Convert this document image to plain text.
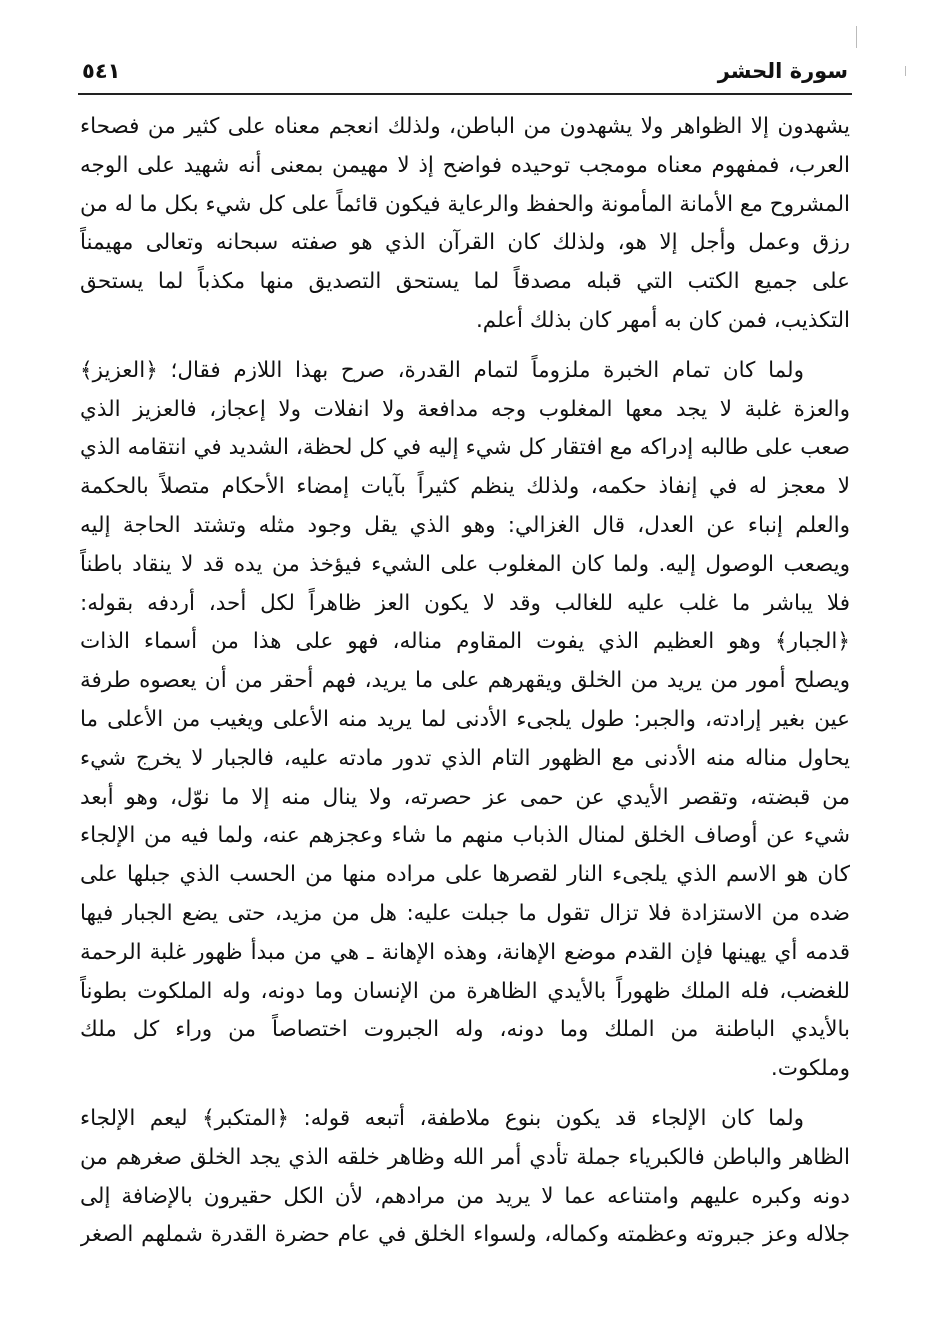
سورة الحشر
٥٤١

يشهدون إلا الظواهر ولا يشهدون من الباطن، ولذلك انعجم معناه على كثير من فصحاء
العرب، فمفهوم معناه مومجب توحيده فواضح إذ لا مهيمن بمعنى أنه شهيد على الوجه
المشروح مع الأمانة المأمونة والحفظ والرعاية فيكون قائماً على كل شيء بكل ما له من
رزق وعمل وأجل إلا هو، ولذلك كان القرآن الذي هو صفته سبحانه وتعالى مهيمناً
على جميع الكتب التي قبله مصدقاً لما يستحق التصديق منها مكذباً لما يستحق
التكذيب، فمن كان به أمهر كان بذلك أعلم.

ولما كان تمام الخبرة ملزوماً لتمام القدرة، صرح بهذا اللازم فقال؛ ﴿العزيز﴾
والعزة غلبة لا يجد معها المغلوب وجه مدافعة ولا انفلات ولا إعجاز، فالعزيز الذي
صعب على طالبه إدراكه مع افتقار كل شيء إليه في كل لحظة، الشديد في انتقامه الذي
لا معجز له في إنفاذ حكمه، ولذلك ينظم كثيراً بآيات إمضاء الأحكام متصلاً بالحكمة
والعلم إنباء عن العدل، قال الغزالي: وهو الذي يقل وجود مثله وتشتد الحاجة إليه
ويصعب الوصول إليه. ولما كان المغلوب على الشيء فيؤخذ من يده قد لا ينقاد باطناً
فلا يباشر ما غلب عليه للغالب وقد لا يكون العز ظاهراً لكل أحد، أردفه بقوله:
﴿الجبار﴾ وهو العظيم الذي يفوت المقاوم مناله، فهو على هذا من أسماء الذات
ويصلح أمور من يريد من الخلق ويقهرهم على ما يريد، فهم أحقر من أن يعصوه طرفة
عين بغير إرادته، والجبر: طول يلجىء الأدنى لما يريد منه الأعلى ويغيب من الأعلى ما
يحاول مناله منه الأدنى مع الظهور التام الذي تدور مادته عليه، فالجبار لا يخرج شيء
من قبضته، وتقصر الأيدي عن حمى عز حصرته، ولا ينال منه إلا ما نوّل، وهو أبعد
شيء عن أوصاف الخلق لمنال الذباب منهم ما شاء وعجزهم عنه، ولما فيه من الإلجاء
كان هو الاسم الذي يلجىء النار لقصرها على مراده منها من الحسب الذي جبلها على
ضده من الاستزادة فلا تزال تقول ما جبلت عليه: هل من مزيد، حتى يضع الجبار فيها
قدمه أي يهينها فإن القدم موضع الإهانة، وهذه الإهانة ـ هي من مبدأ ظهور غلبة الرحمة
للغضب، فله الملك ظهوراً بالأيدي الظاهرة من الإنسان وما دونه، وله الملكوت بطوناً
بالأيدي الباطنة من الملك وما دونه، وله الجبروت اختصاصاً من وراء كل ملك
وملكوت.

ولما كان الإلجاء قد يكون بنوع ملاطفة، أتبعه قوله: ﴿المتكبر﴾ ليعم الإلجاء
الظاهر والباطن فالكبرياء جملة تأدي أمر الله وظاهر خلقه الذي يجد الخلق صغرهم من
دونه وكبره عليهم وامتناعه عما لا يريد من مرادهم، لأن الكل حقيرون بالإضافة إلى
جلاله وعز جبروته وعظمته وكماله، ولسواء الخلق في عام حضرة القدرة شملهم الصغر
